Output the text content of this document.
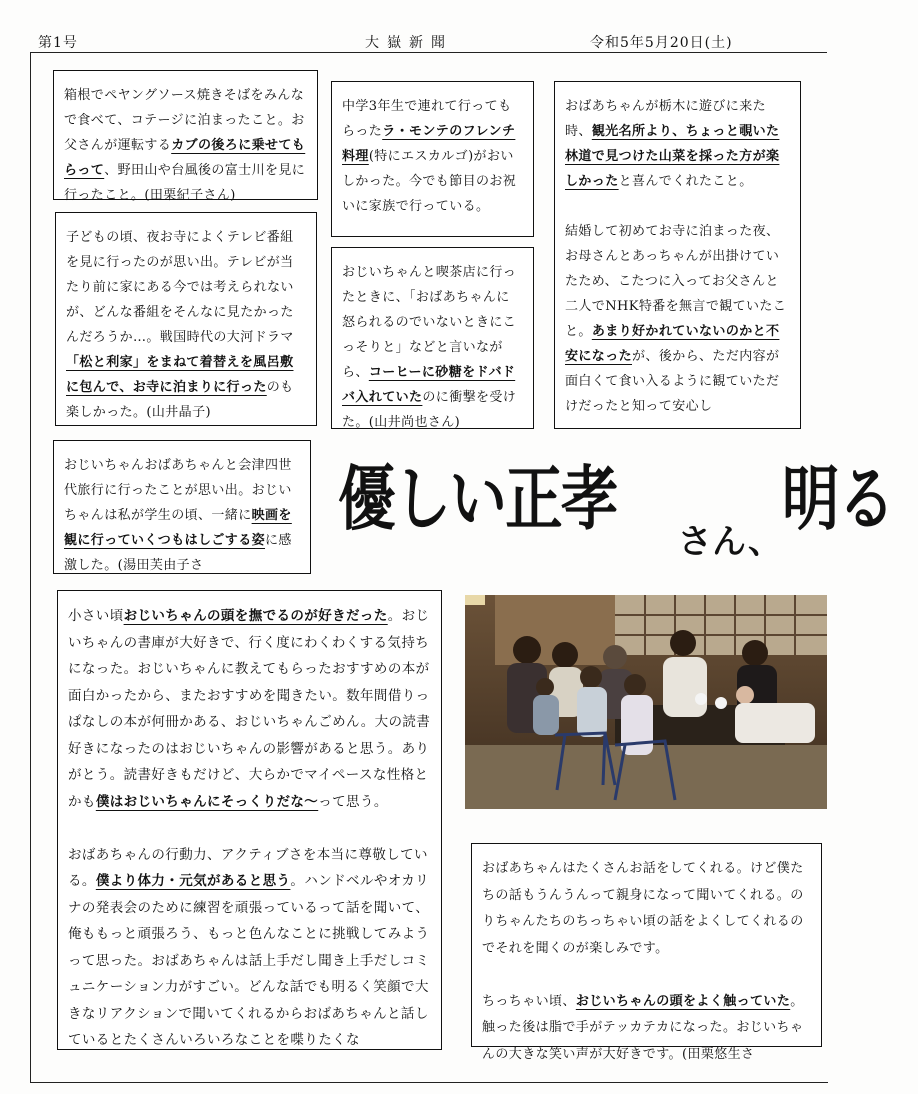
第1号	大嶽新聞	令和5年5月20日(土)

箱根でペヤングソース焼きそばをみんなで食べて、コテージに泊まったこと。お父さんが運転するカブの後ろに乗せてもらって、野田山や台風後の富士川を見に行ったこと。(田栗紀子さん)

子どもの頃、夜お寺によくテレビ番組を見に行ったのが思い出。テレビが当たり前に家にある今では考えられないが、どんな番組をそんなに見たかったんだろうか…。戦国時代の大河ドラマ「松と利家」をまねて着替えを風呂敷に包んで、お寺に泊まりに行ったのも楽しかった。(山井晶子)

中学3年生で連れて行ってもらったラ・モンテのフレンチ料理(特にエスカルゴ)がおいしかった。今でも節目のお祝いに家族で行っている。

おじいちゃんと喫茶店に行ったときに、「おばあちゃんに怒られるのでいないときにこっそりと」などと言いながら、コーヒーに砂糖をドバドバ入れていたのに衝撃を受けた。(山井尚也さん)

おばあちゃんが栃木に遊びに来た時、観光名所より、ちょっと覗いた林道で見つけた山菜を採った方が楽しかったと喜んでくれたこと。

結婚して初めてお寺に泊まった夜、お母さんとあっちゃんが出掛けていたため、こたつに入ってお父さんと二人でNHK特番を無言で観ていたこと。あまり好かれていないのかと不安になったが、後から、ただ内容が面白くて食い入るように観ていただけだったと知って安心し

おじいちゃんおばあちゃんと会津四世代旅行に行ったことが思い出。おじいちゃんは私が学生の頃、一緒に映画を観に行っていくつもはしごする姿に感激した。(湯田芙由子さ

優しい正孝さん、明る

小さい頃おじいちゃんの頭を撫でるのが好きだった。おじいちゃんの書庫が大好きで、行く度にわくわくする気持ちになった。おじいちゃんに教えてもらったおすすめの本が面白かったから、またおすすめを聞きたい。数年間借りっぱなしの本が何冊かある、おじいちゃんごめん。大の読書好きになったのはおじいちゃんの影響があると思う。ありがとう。読書好きもだけど、大らかでマイペースな性格とかも僕はおじいちゃんにそっくりだな〜って思う。

おばあちゃんの行動力、アクティブさを本当に尊敬している。僕より体力・元気があると思う。ハンドベルやオカリナの発表会のために練習を頑張っているって話を聞いて、俺ももっと頑張ろう、もっと色んなことに挑戦してみようって思った。おばあちゃんは話上手だし聞き上手だしコミュニケーション力がすごい。どんな話でも明るく笑顔で大きなリアクションで聞いてくれるからおばあちゃんと話しているとたくさんいろいろなことを喋りたくな

おばあちゃんはたくさんお話をしてくれる。けど僕たちの話もうんうんって親身になって聞いてくれる。のりちゃんたちのちっちゃい頃の話をよくしてくれるのでそれを聞くのが楽しみです。

ちっちゃい頃、おじいちゃんの頭をよく触っていた。触った後は脂で手がテッカテカになった。おじいちゃんの大きな笑い声が大好きです。(田栗悠生さ
